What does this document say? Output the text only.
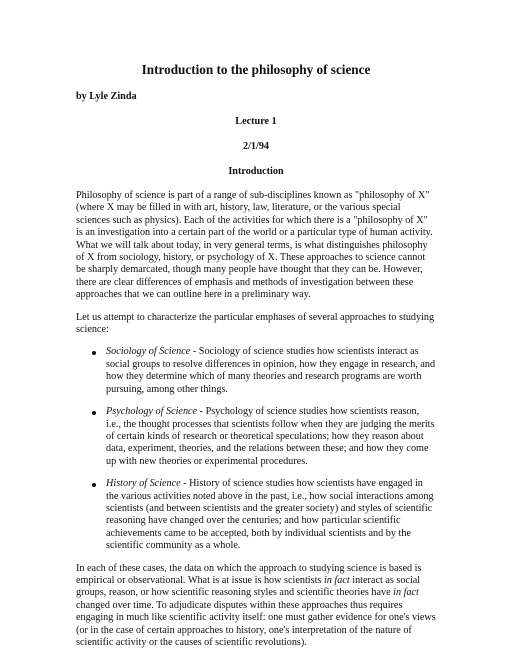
Introduction to the philosophy of science
by Lyle Zinda
Lecture 1
2/1/94
Introduction

Philosophy of science is part of a range of sub-disciplines known as "philosophy of X" (where X may be filled in with art, history, law, literature, or the various special sciences such as physics). Each of the activities for which there is a "philosophy of X" is an investigation into a certain part of the world or a particular type of human activity. What we will talk about today, in very general terms, is what distinguishes philosophy of X from sociology, history, or psychology of X. These approaches to science cannot be sharply demarcated, though many people have thought that they can be. However, there are clear differences of emphasis and methods of investigation between these approaches that we can outline here in a preliminary way.

Let us attempt to characterize the particular emphases of several approaches to studying science:

Sociology of Science - Sociology of science studies how scientists interact as social groups to resolve differences in opinion, how they engage in research, and how they determine which of many theories and research programs are worth pursuing, among other things.
Psychology of Science - Psychology of science studies how scientists reason, i.e., the thought processes that scientists follow when they are judging the merits of certain kinds of research or theoretical speculations; how they reason about data, experiment, theories, and the relations between these; and how they come up with new theories or experimental procedures.
History of Science - History of science studies how scientists have engaged in the various activities noted above in the past, i.e., how social interactions among scientists (and between scientists and the greater society) and styles of scientific reasoning have changed over the centuries; and how particular scientific achievements came to be accepted, both by individual scientists and by the scientific community as a whole.

In each of these cases, the data on which the approach to studying science is based is empirical or observational. What is at issue is how scientists in fact interact as social groups, reason, or how scientific reasoning styles and scientific theories have in fact changed over time. To adjudicate disputes within these approaches thus requires engaging in much like scientific activity itself: one must gather evidence for one's views (or in the case of certain approaches to history, one's interpretation of the nature of scientific activity or the causes of scientific revolutions).
